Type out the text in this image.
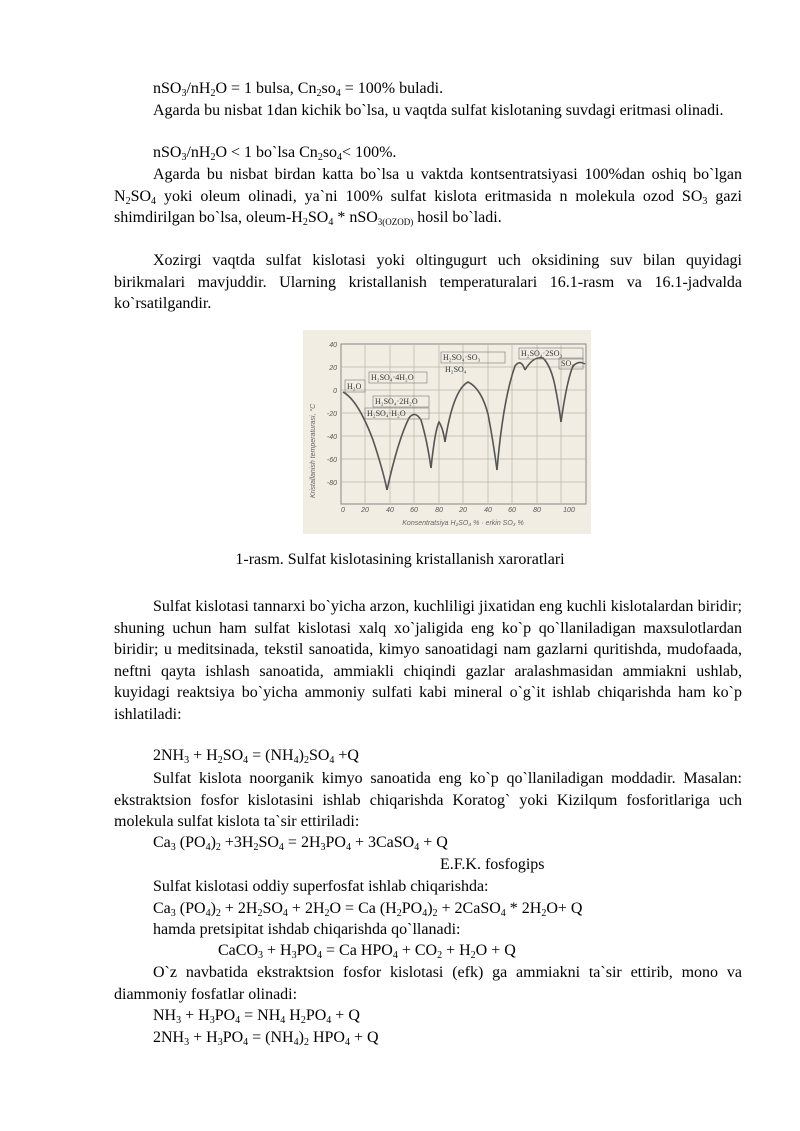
$nSO_3/nH_2O = 1$ bulsa, $Cn_2so_4 = 100\%$ buladi.
Agarda bu nisbat 1dan kichik bo`lsa, u vaqtda sulfat kislotaning suvdagi eritmasi olinadi.
$nSO_3/nH_2O < 1$ bo`lsa $Cn_2so_4< 100\%$.
Agarda bu nisbat birdan katta bo`lsa u vaktda kontsentratsiyasi 100%dan oshiq bo`lgan $N_2SO_4$ yoki oleum olinadi, ya`ni 100% sulfat kislota eritmasida n molekula ozod $SO_3$ gazi shimdirilgan bo`lsa, oleum-$H_2SO_4 * nSO_{3(OZOD)}$ hosil bo`ladi.
Xozirgi vaqtda sulfat kislotasi yoki oltingugurt uch oksidining suv bilan quyidagi birikmalari mavjuddir. Ularning kristallanish temperaturalari 16.1-rasm va 16.1-jadvalda ko`rsatilgandir.
H₂O
H₂SO₄·4H₂O
H₂SO₄·2H₂O
H₂SO₄·H₂O
H₂SO₄·SO₃
H₂SO₄
H₂SO₄·2SO₃
SO₃
40
20
0
-20
-40
-60
-80
0 20 40 60 80 20 40 60 80	100
Konsentratsiya H₂SO₄ % · erkin SO₃ %
Kristallanish temperaturasi, °C
1-rasm. Sulfat kislotasining kristallanish xaroratlari
Sulfat kislotasi tannarxi bo`yicha arzon, kuchliligi jixatidan eng kuchli kislotalardan biridir; shuning uchun ham sulfat kislotasi xalq xo`jaligida eng ko`p qo`llaniladigan maxsulotlardan biridir; u meditsinada, tekstil sanoatida, kimyo sanoatidagi nam gazlarni quritishda, mudofaada, neftni qayta ishlash sanoatida, ammiakli chiqindi gazlar aralashmasidan ammiakni ushlab, kuyidagi reaktsiya bo`yicha ammoniy sulfati kabi mineral o`g`it ishlab chiqarishda ham ko`p ishlatiladi:
$2NH_3 + H_2SO_4 = (NH_4)_2SO_4 +Q$
Sulfat kislota noorganik kimyo sanoatida eng ko`p qo`llaniladigan moddadir. Masalan: ekstraktsion fosfor kislotasini ishlab chiqarishda Koratog` yoki Kizilqum fosforitlariga uch molekula sulfat kislota ta`sir ettiriladi:
$Ca_3$ $(PO_4)_2 +3H_2SO_4 = 2H_3PO_4$ + 3CaSO$_4$ + Q
E.F.K. fosfogips
Sulfat kislotasi oddiy superfosfat ishlab chiqarishda:
$Ca_3$ $(PO_4)_2 + 2H_2SO_4 + 2H_2O = Ca$ $(H_2PO_4)_2$ + 2CaSO$_4$ * $2H_2O+ Q$
hamda pretsipitat ishdab chiqarishda qo`llanadi:
CaCO$_3$ + $H_3PO_4 = Ca$ $HPO_4 + CO_2 + H_2O + Q$
O`z navbatida ekstraktsion fosfor kislotasi (efk) ga ammiakni ta`sir ettirib, mono va diammoniy fosfatlar olinadi:
$NH_3 + H_3PO_4 = NH_4$ $H_2PO_4 + Q$
$2NH_3 + H_3PO_4 = (NH_4)_2$ $HPO_4 + Q$
